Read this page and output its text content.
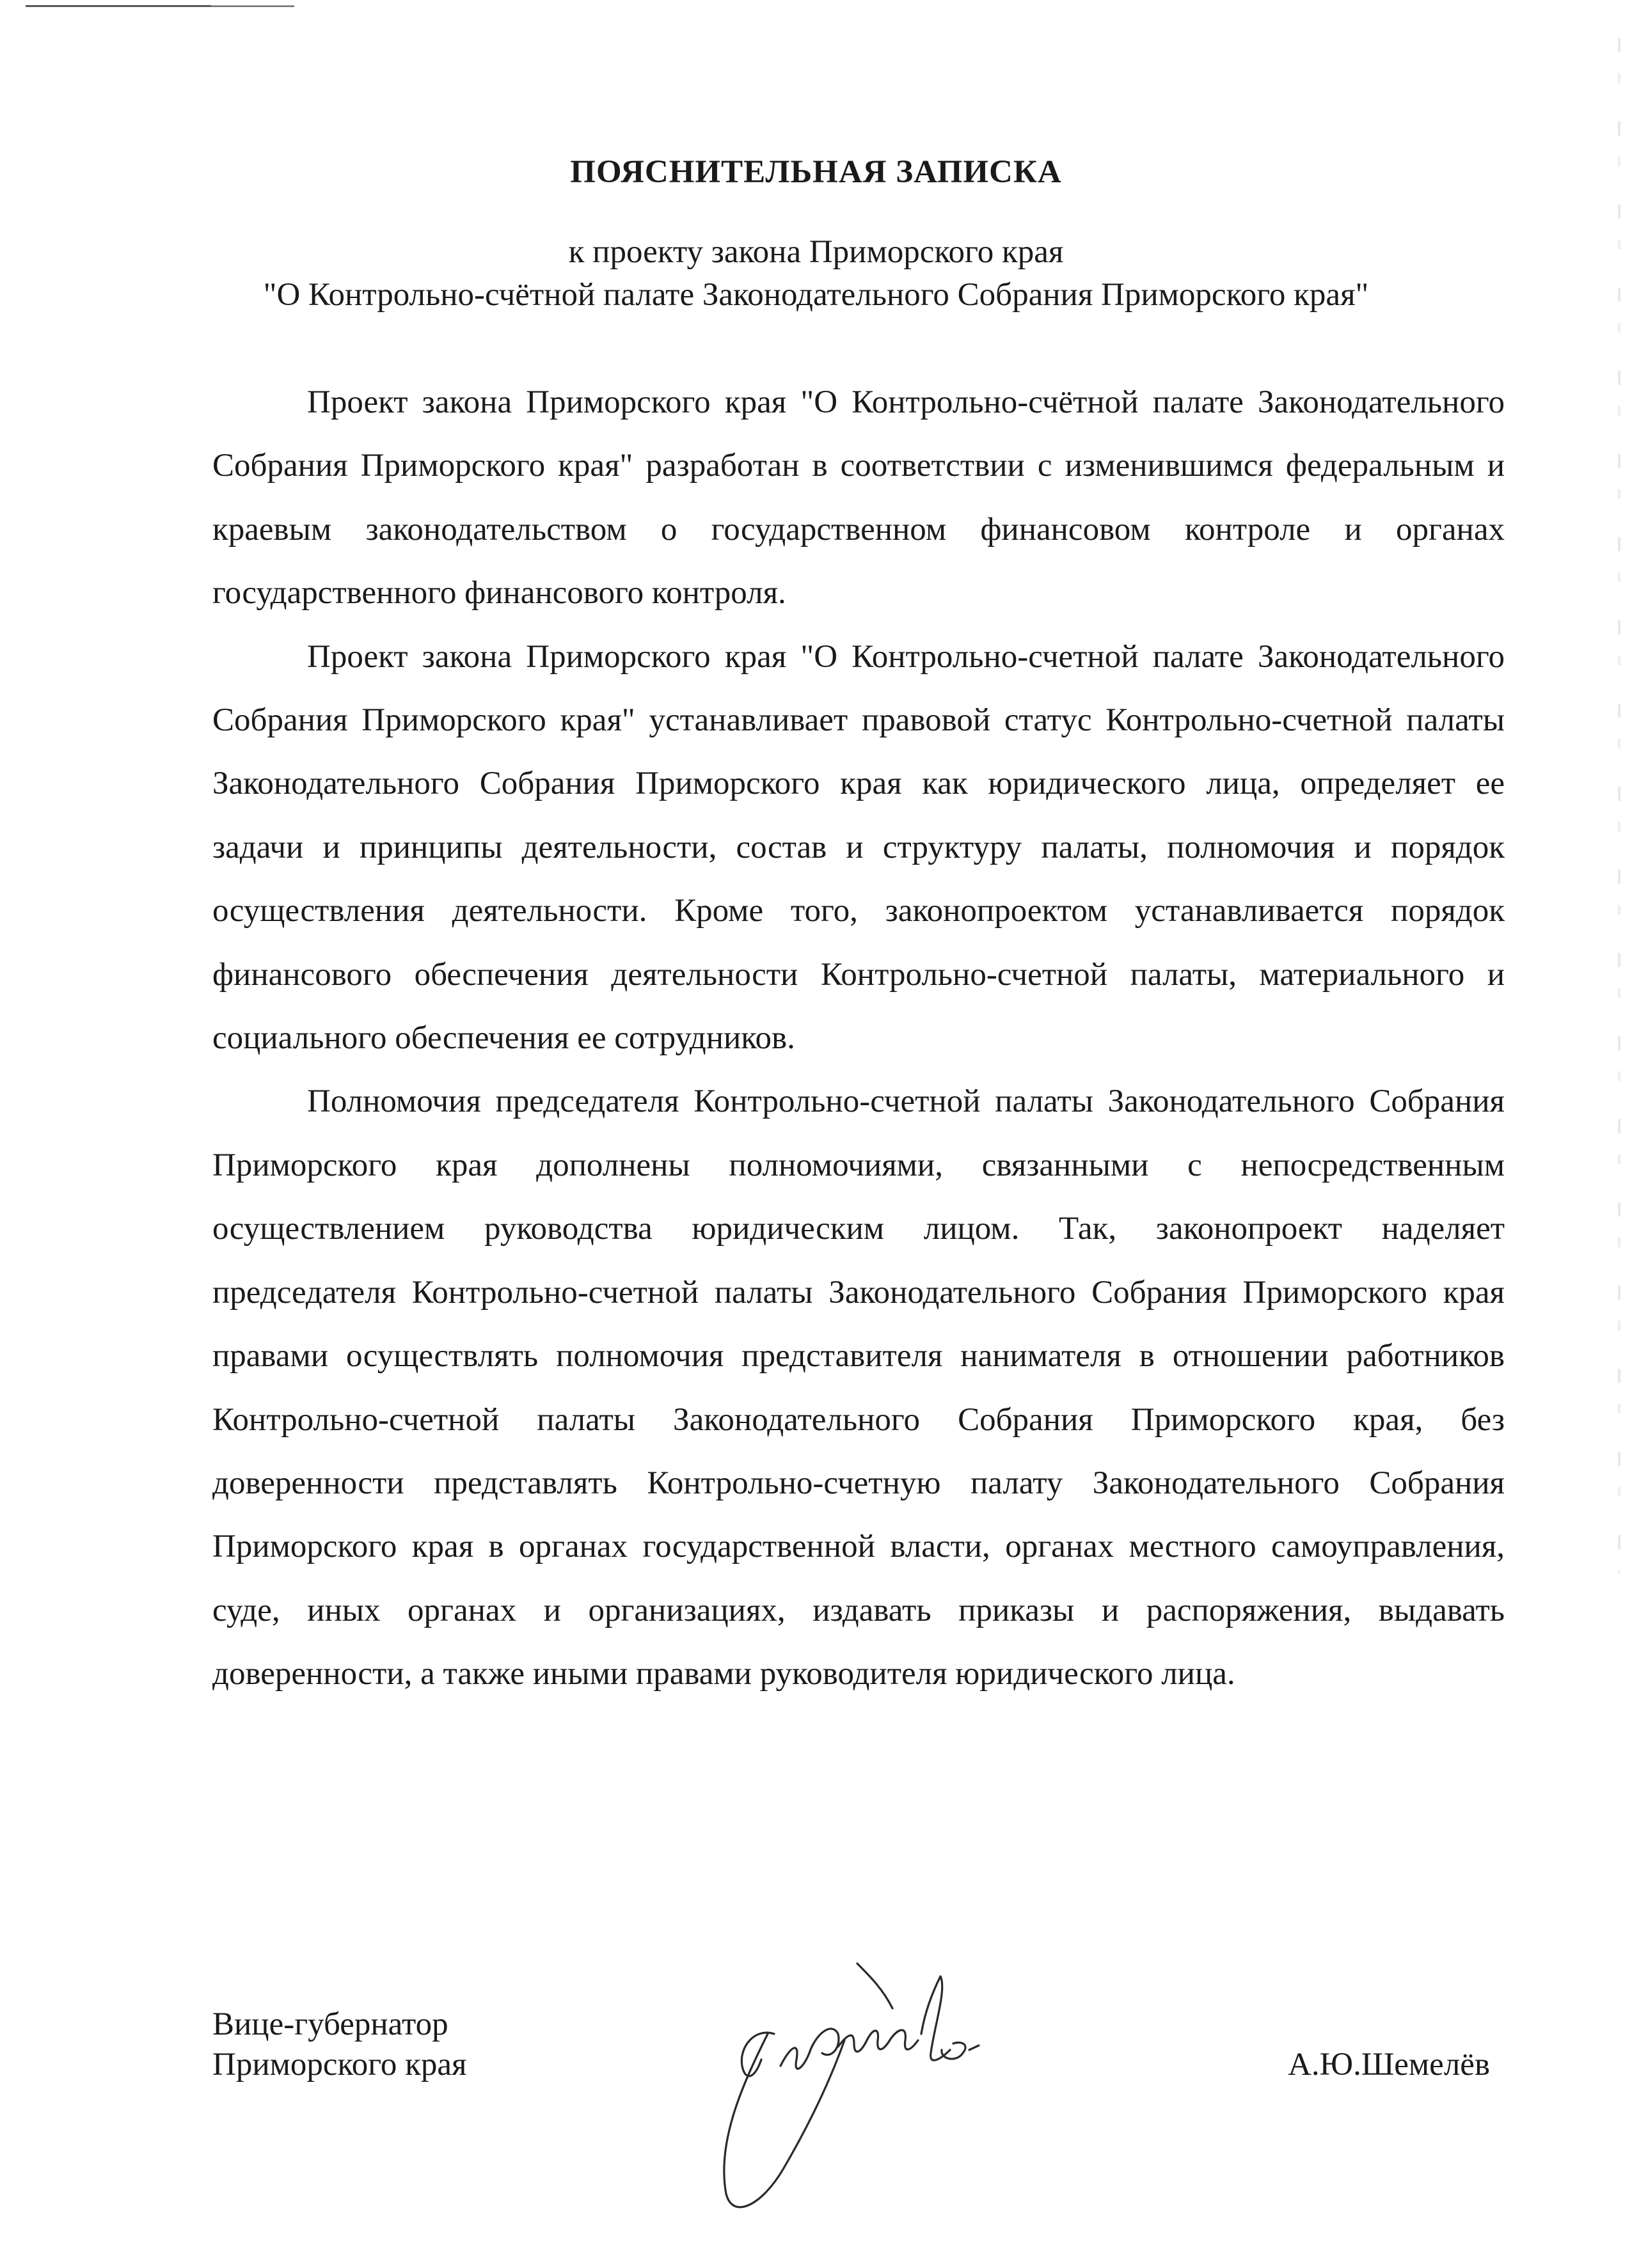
ПОЯСНИТЕЛЬНАЯ ЗАПИСКА
к проекту закона Приморского края
"О Контрольно-счётной палате Законодательного Собрания Приморского края"

Проект закона Приморского края "О Контрольно-счётной палате Законодательного Собрания Приморского края" разработан в соответствии с изменившимся федеральным и краевым законодательством о государственном финансовом контроле и органах государственного финансового контроля.

Проект закона Приморского края "О Контрольно-счетной палате Законодательного Собрания Приморского края" устанавливает правовой статус Контрольно-счетной палаты Законодательного Собрания Приморского края как юридического лица, определяет ее задачи и принципы деятельности, состав и структуру палаты, полномочия и порядок осуществления деятельности. Кроме того, законопроектом устанавливается порядок финансового обеспечения деятельности Контрольно-счетной палаты, материального и социального обеспечения ее сотрудников.

Полномочия председателя Контрольно-счетной палаты Законодательного Собрания Приморского края дополнены полномочиями, связанными с непосредственным осуществлением руководства юридическим лицом. Так, законопроект наделяет председателя Контрольно-счетной палаты Законодательного Собрания Приморского края правами осуществлять полномочия представителя нанимателя в отношении работников Контрольно-счетной палаты Законодательного Собрания Приморского края, без доверенности представлять Контрольно-счетную палату Законодательного Собрания Приморского края в органах государственной власти, органах местного самоуправления, суде, иных органах и организациях, издавать приказы и распоряжения, выдавать доверенности, а также иными правами руководителя юридического лица.

Вице-губернатор
Приморского края	А.Ю.Шемелёв
